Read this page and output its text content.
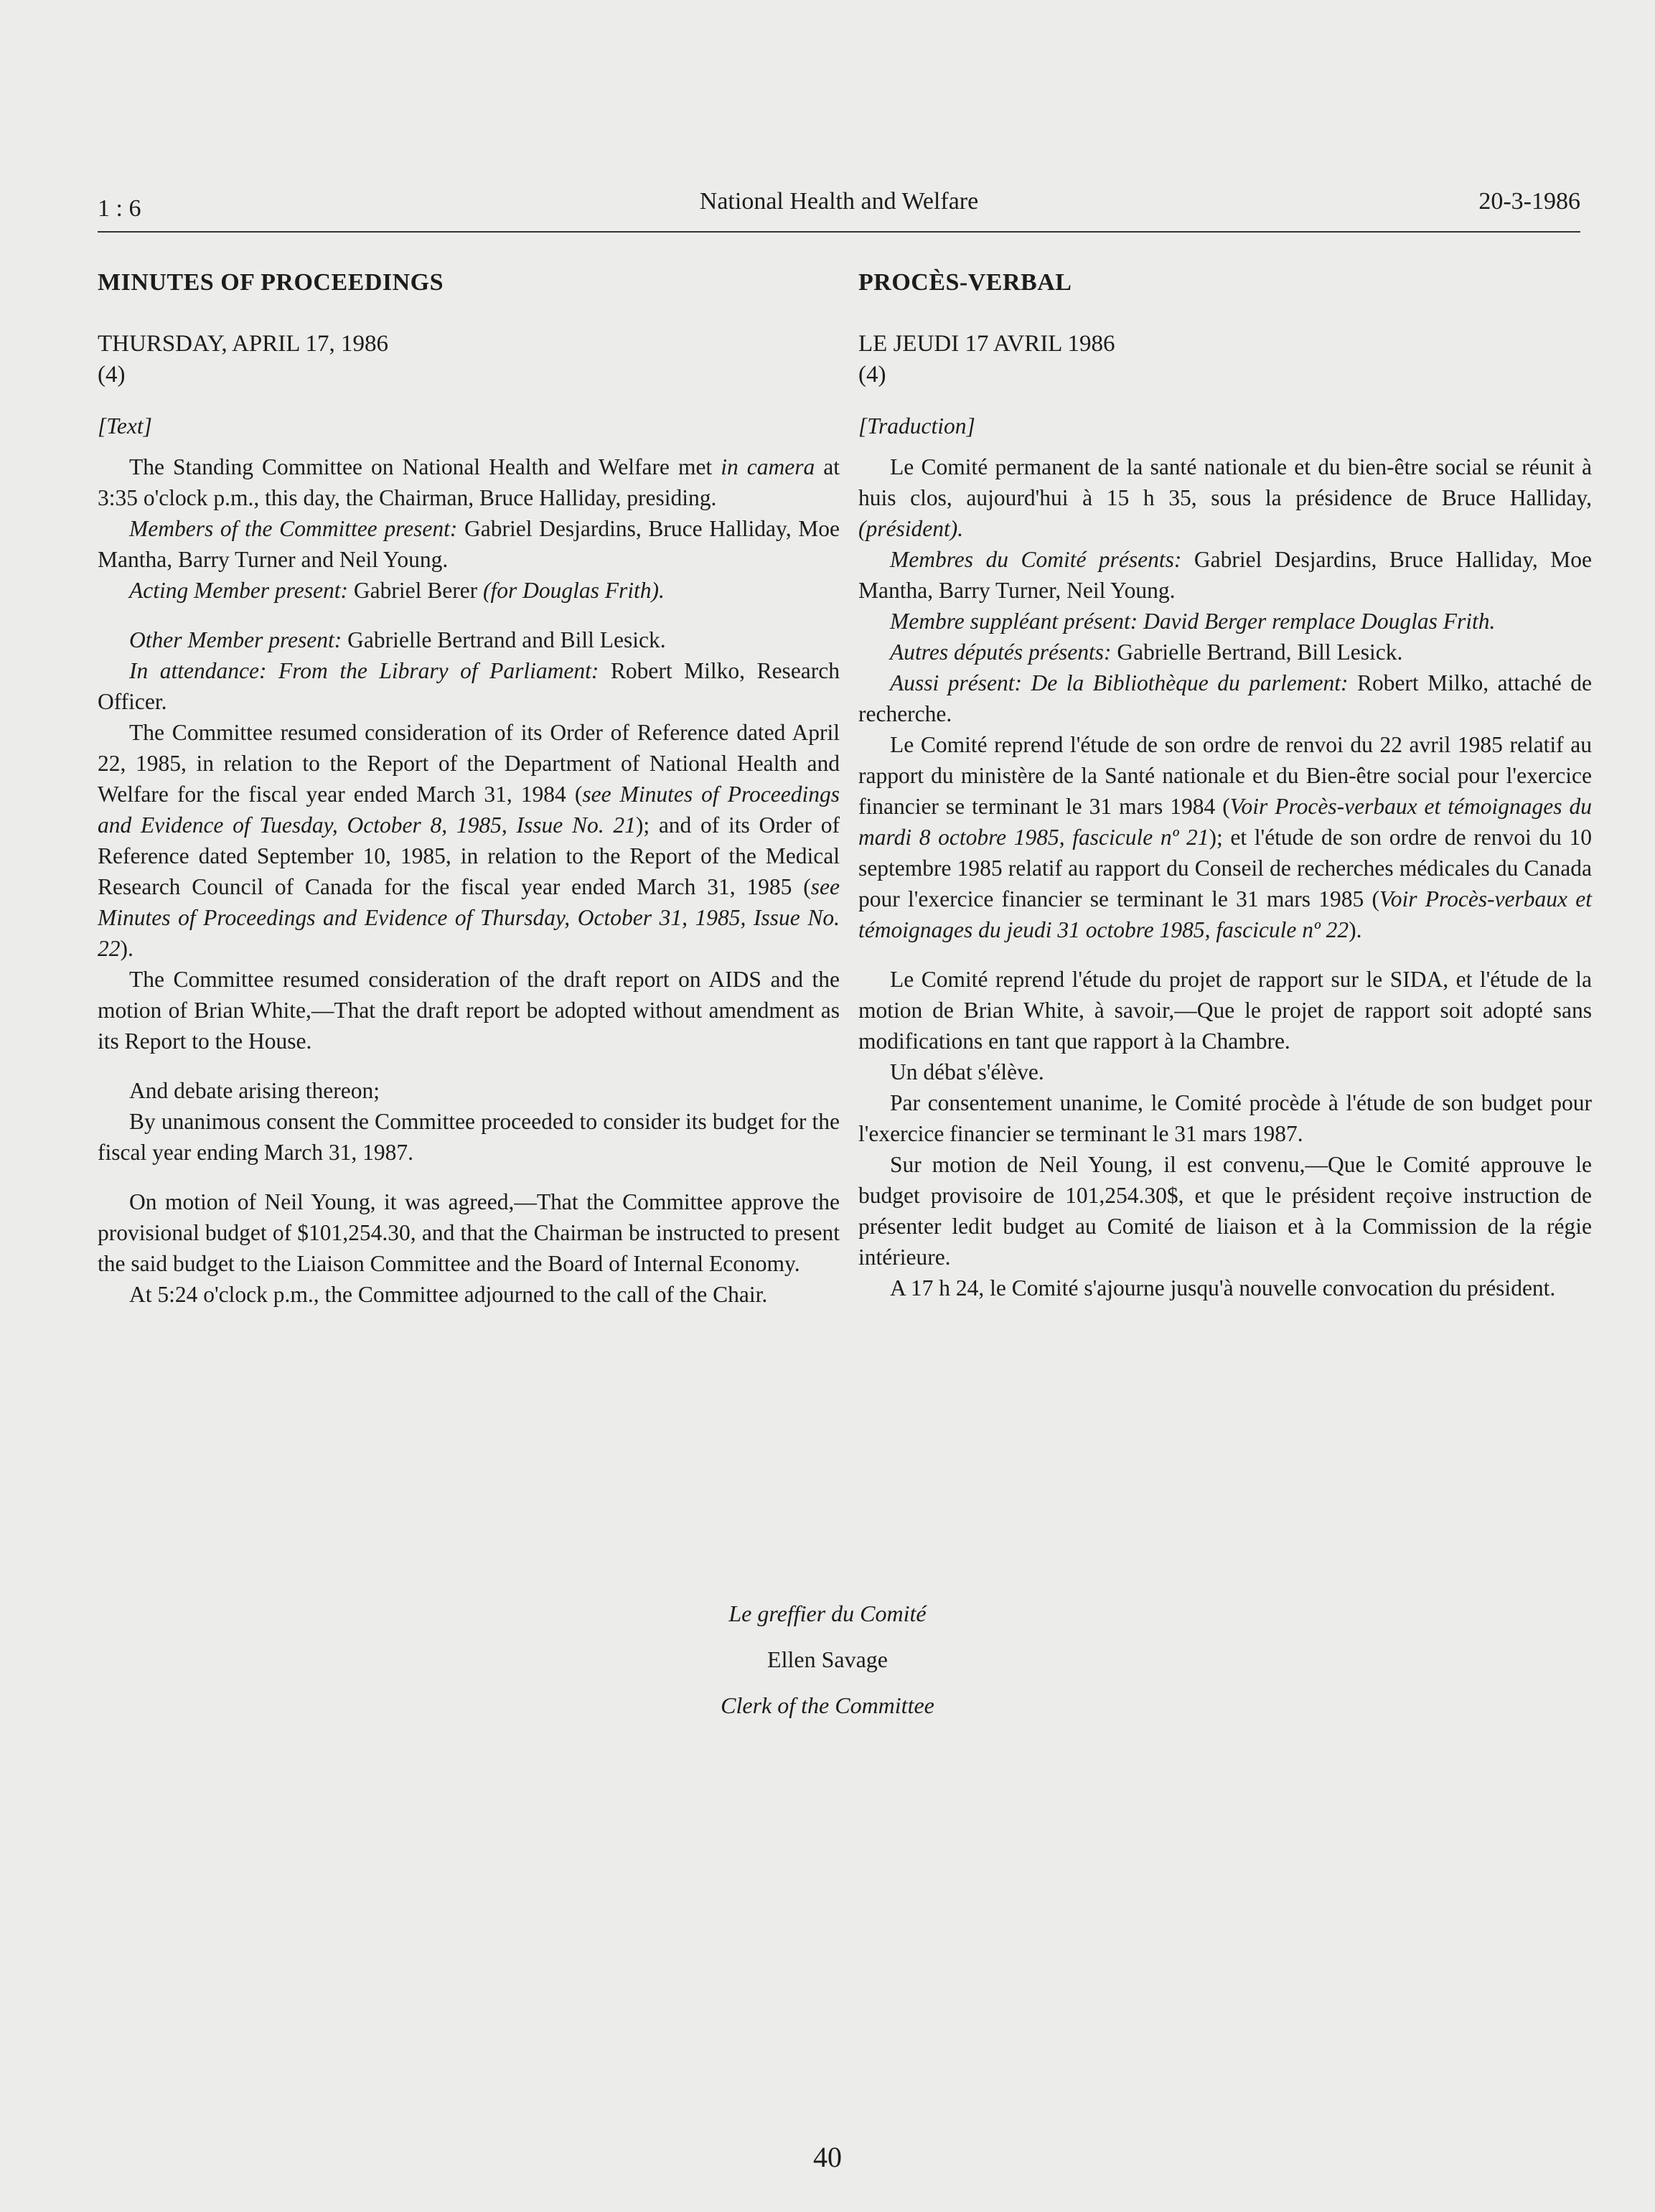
1 : 6	National Health and Welfare	20-3-1986
MINUTES OF PROCEEDINGS
THURSDAY, APRIL 17, 1986
(4)
[Text]

The Standing Committee on National Health and Welfare met in camera at 3:35 o'clock p.m., this day, the Chairman, Bruce Halliday, presiding.

Members of the Committee present: Gabriel Desjardins, Bruce Halliday, Moe Mantha, Barry Turner and Neil Young.

Acting Member present: Gabriel Berer (for Douglas Frith).

Other Member present: Gabrielle Bertrand and Bill Lesick.

In attendance: From the Library of Parliament: Robert Milko, Research Officer.

The Committee resumed consideration of its Order of Reference dated April 22, 1985, in relation to the Report of the Department of National Health and Welfare for the fiscal year ended March 31, 1984 (see Minutes of Proceedings and Evidence of Tuesday, October 8, 1985, Issue No. 21); and of its Order of Reference dated September 10, 1985, in relation to the Report of the Medical Research Council of Canada for the fiscal year ended March 31, 1985 (see Minutes of Proceedings and Evidence of Thursday, October 31, 1985, Issue No. 22).

The Committee resumed consideration of the draft report on AIDS and the motion of Brian White,—That the draft report be adopted without amendment as its Report to the House.

And debate arising thereon;

By unanimous consent the Committee proceeded to consider its budget for the fiscal year ending March 31, 1987.

On motion of Neil Young, it was agreed,—That the Committee approve the provisional budget of $101,254.30, and that the Chairman be instructed to present the said budget to the Liaison Committee and the Board of Internal Economy.

At 5:24 o'clock p.m., the Committee adjourned to the call of the Chair.

PROCÈS-VERBAL
LE JEUDI 17 AVRIL 1986
(4)
[Traduction]

Le Comité permanent de la santé nationale et du bien-être social se réunit à huis clos, aujourd'hui à 15 h 35, sous la présidence de Bruce Halliday, (président).

Membres du Comité présents: Gabriel Desjardins, Bruce Halliday, Moe Mantha, Barry Turner, Neil Young.

Membre suppléant présent: David Berger remplace Douglas Frith.

Autres députés présents: Gabrielle Bertrand, Bill Lesick.

Aussi présent: De la Bibliothèque du parlement: Robert Milko, attaché de recherche.

Le Comité reprend l'étude de son ordre de renvoi du 22 avril 1985 relatif au rapport du ministère de la Santé nationale et du Bien-être social pour l'exercice financier se terminant le 31 mars 1984 (Voir Procès-verbaux et témoignages du mardi 8 octobre 1985, fascicule nº 21); et l'étude de son ordre de renvoi du 10 septembre 1985 relatif au rapport du Conseil de recherches médicales du Canada pour l'exercice financier se terminant le 31 mars 1985 (Voir Procès-verbaux et témoignages du jeudi 31 octobre 1985, fascicule nº 22).

Le Comité reprend l'étude du projet de rapport sur le SIDA, et l'étude de la motion de Brian White, à savoir,—Que le projet de rapport soit adopté sans modifications en tant que rapport à la Chambre.

Un débat s'élève.

Par consentement unanime, le Comité procède à l'étude de son budget pour l'exercice financier se terminant le 31 mars 1987.

Sur motion de Neil Young, il est convenu,—Que le Comité approuve le budget provisoire de 101,254.30$, et que le président reçoive instruction de présenter ledit budget au Comité de liaison et à la Commission de la régie intérieure.

A 17 h 24, le Comité s'ajourne jusqu'à nouvelle convocation du président.

Le greffier du Comité
Ellen Savage
Clerk of the Committee
40
